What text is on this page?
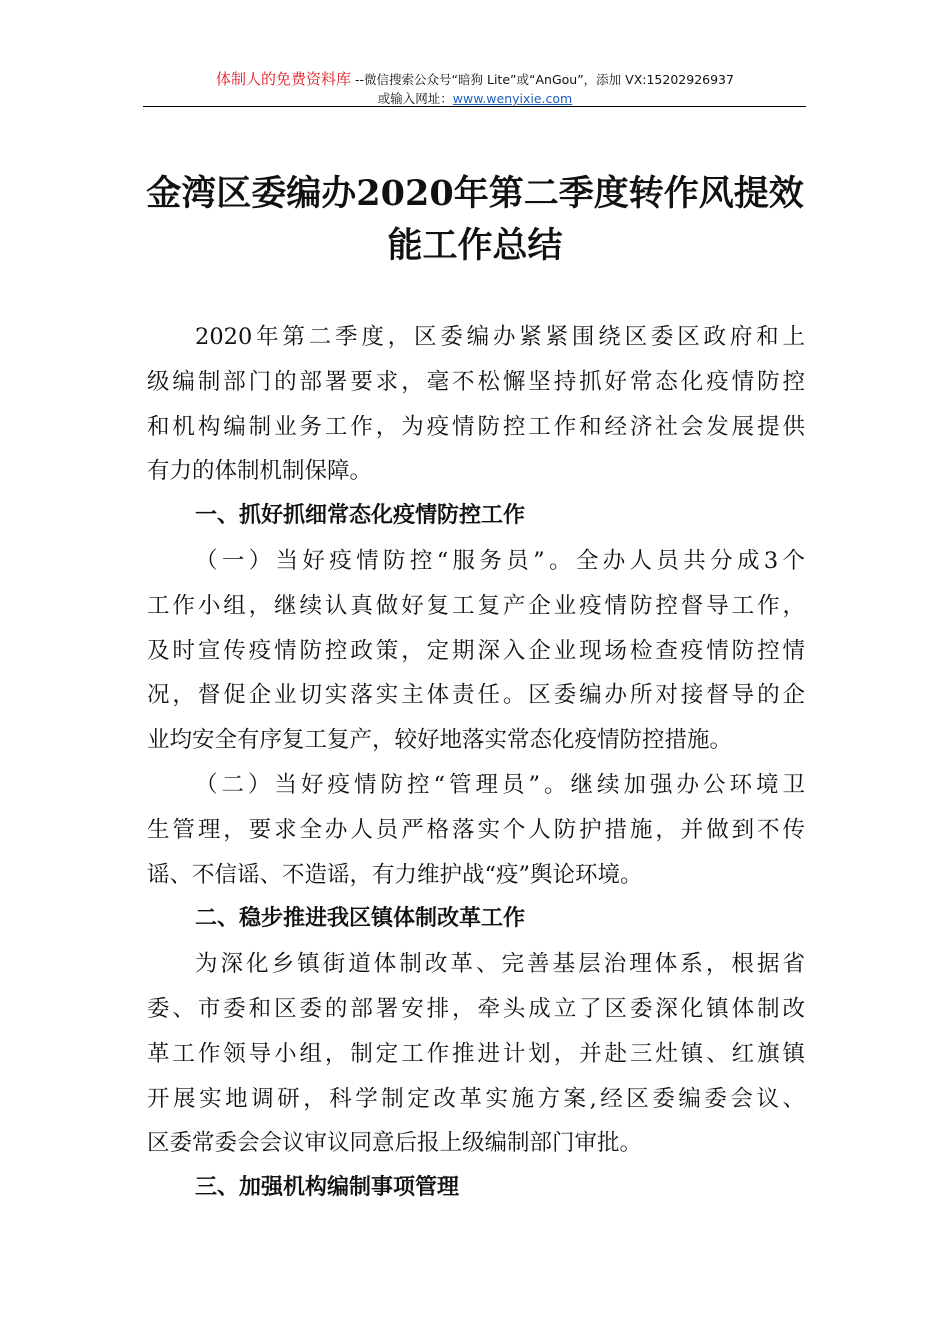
体制人的免费资料库 --微信搜索公众号“暗狗 Lite”或“AnGou”，添加 VX:15202926937
或输入网址：www.wenyixie.com
金湾区委编办2020年第二季度转作风提效
能工作总结
2020年第二季度，区委编办紧紧围绕区委区政府和上
级编制部门的部署要求，毫不松懈坚持抓好常态化疫情防控
和机构编制业务工作，为疫情防控工作和经济社会发展提供
有力的体制机制保障。
一、抓好抓细常态化疫情防控工作
（一）当好疫情防控“服务员”。全办人员共分成3个
工作小组，继续认真做好复工复产企业疫情防控督导工作，
及时宣传疫情防控政策，定期深入企业现场检查疫情防控情
况，督促企业切实落实主体责任。区委编办所对接督导的企
业均安全有序复工复产，较好地落实常态化疫情防控措施。
（二）当好疫情防控“管理员”。继续加强办公环境卫
生管理，要求全办人员严格落实个人防护措施，并做到不传
谣、不信谣、不造谣，有力维护战“疫”舆论环境。
二、稳步推进我区镇体制改革工作
为深化乡镇街道体制改革、完善基层治理体系，根据省
委、市委和区委的部署安排，牵头成立了区委深化镇体制改
革工作领导小组，制定工作推进计划，并赴三灶镇、红旗镇
开展实地调研，科学制定改革实施方案,经区委编委会议、
区委常委会会议审议同意后报上级编制部门审批。
三、加强机构编制事项管理
